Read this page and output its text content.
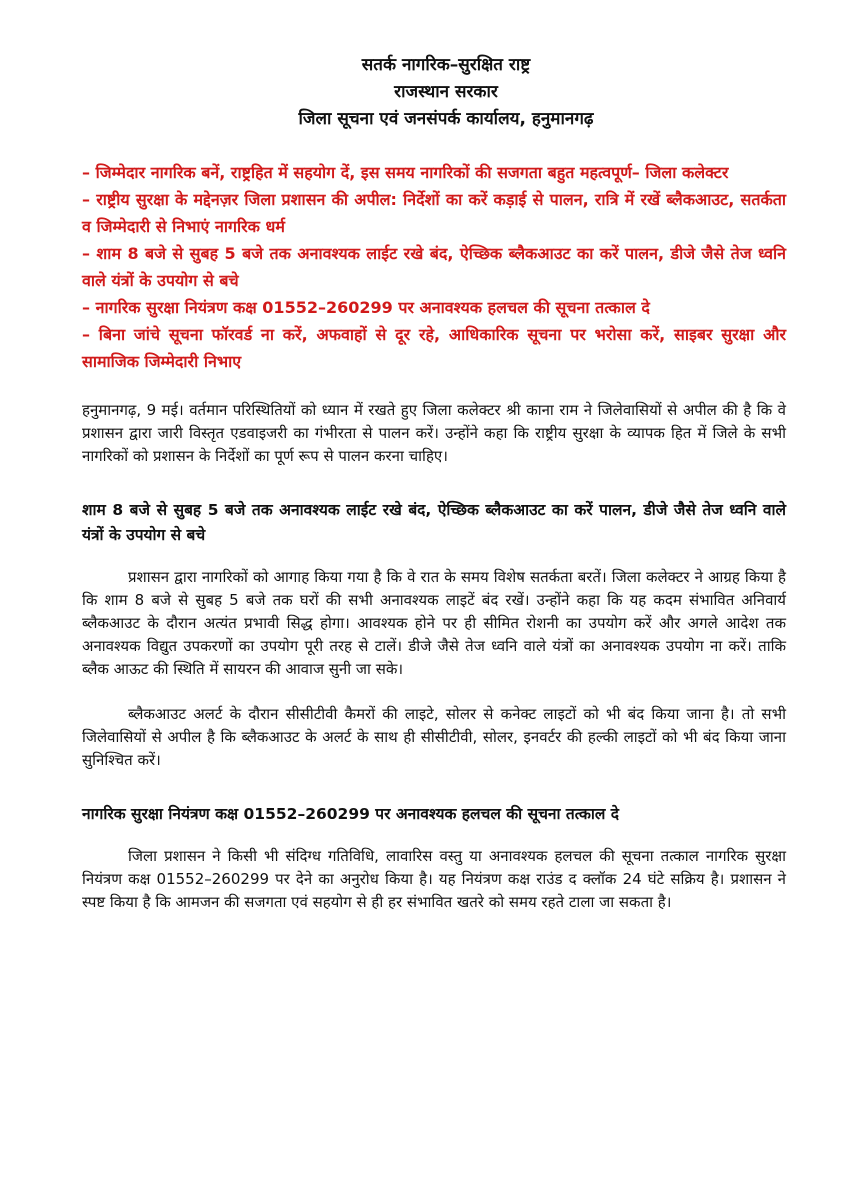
सतर्क नागरिक–सुरक्षित राष्ट्र
राजस्थान सरकार
जिला सूचना एवं जनसंपर्क कार्यालय, हनुमानगढ़
– जिम्मेदार नागरिक बनें, राष्ट्रहित में सहयोग दें, इस समय नागरिकों की सजगता बहुत महत्वपूर्ण– जिला कलेक्टर
– राष्ट्रीय सुरक्षा के मद्देनज़र जिला प्रशासन की अपील: निर्देशों का करें कड़ाई से पालन, रात्रि में रखें ब्लैकआउट, सतर्कता व जिम्मेदारी से निभाएं नागरिक धर्म
– शाम 8 बजे से सुबह 5 बजे तक अनावश्यक लाईट रखे बंद, ऐच्छिक ब्लैकआउट का करें पालन, डीजे जैसे तेज ध्वनि वाले यंत्रों के उपयोग से बचे
– नागरिक सुरक्षा नियंत्रण कक्ष 01552–260299 पर अनावश्यक हलचल की सूचना तत्काल दे
– बिना जांचे सूचना फॉरवर्ड ना करें, अफवाहों से दूर रहे, आधिकारिक सूचना पर भरोसा करें, साइबर सुरक्षा और सामाजिक जिम्मेदारी निभाए
हनुमानगढ़, 9 मई। वर्तमान परिस्थितियों को ध्यान में रखते हुए जिला कलेक्टर श्री काना राम ने जिलेवासियों से अपील की है कि वे प्रशासन द्वारा जारी विस्तृत एडवाइजरी का गंभीरता से पालन करें। उन्होंने कहा कि राष्ट्रीय सुरक्षा के व्यापक हित में जिले के सभी नागरिकों को प्रशासन के निर्देशों का पूर्ण रूप से पालन करना चाहिए।
शाम 8 बजे से सुबह 5 बजे तक अनावश्यक लाईट रखे बंद, ऐच्छिक ब्लैकआउट का करें पालन, डीजे जैसे तेज ध्वनि वाले यंत्रों के उपयोग से बचे
प्रशासन द्वारा नागरिकों को आगाह किया गया है कि वे रात के समय विशेष सतर्कता बरतें। जिला कलेक्टर ने आग्रह किया है कि शाम 8 बजे से सुबह 5 बजे तक घरों की सभी अनावश्यक लाइटें बंद रखें। उन्होंने कहा कि यह कदम संभावित अनिवार्य ब्लैकआउट के दौरान अत्यंत प्रभावी सिद्ध होगा। आवश्यक होने पर ही सीमित रोशनी का उपयोग करें और अगले आदेश तक अनावश्यक विद्युत उपकरणों का उपयोग पूरी तरह से टालें। डीजे जैसे तेज ध्वनि वाले यंत्रों का अनावश्यक उपयोग ना करें। ताकि ब्लैक आऊट की स्थिति में सायरन की आवाज सुनी जा सके।
ब्लैकआउट अलर्ट के दौरान सीसीटीवी कैमरों की लाइटे, सोलर से कनेक्ट लाइटों को भी बंद किया जाना है। तो सभी जिलेवासियों से अपील है कि ब्लैकआउट के अलर्ट के साथ ही सीसीटीवी, सोलर, इनवर्टर की हल्की लाइटों को भी बंद किया जाना सुनिश्चित करें।
नागरिक सुरक्षा नियंत्रण कक्ष 01552–260299 पर अनावश्यक हलचल की सूचना तत्काल दे
जिला प्रशासन ने किसी भी संदिग्ध गतिविधि, लावारिस वस्तु या अनावश्यक हलचल की सूचना तत्काल नागरिक सुरक्षा नियंत्रण कक्ष 01552–260299 पर देने का अनुरोध किया है। यह नियंत्रण कक्ष राउंड द क्लॉक 24 घंटे सक्रिय है। प्रशासन ने स्पष्ट किया है कि आमजन की सजगता एवं सहयोग से ही हर संभावित खतरे को समय रहते टाला जा सकता है।
